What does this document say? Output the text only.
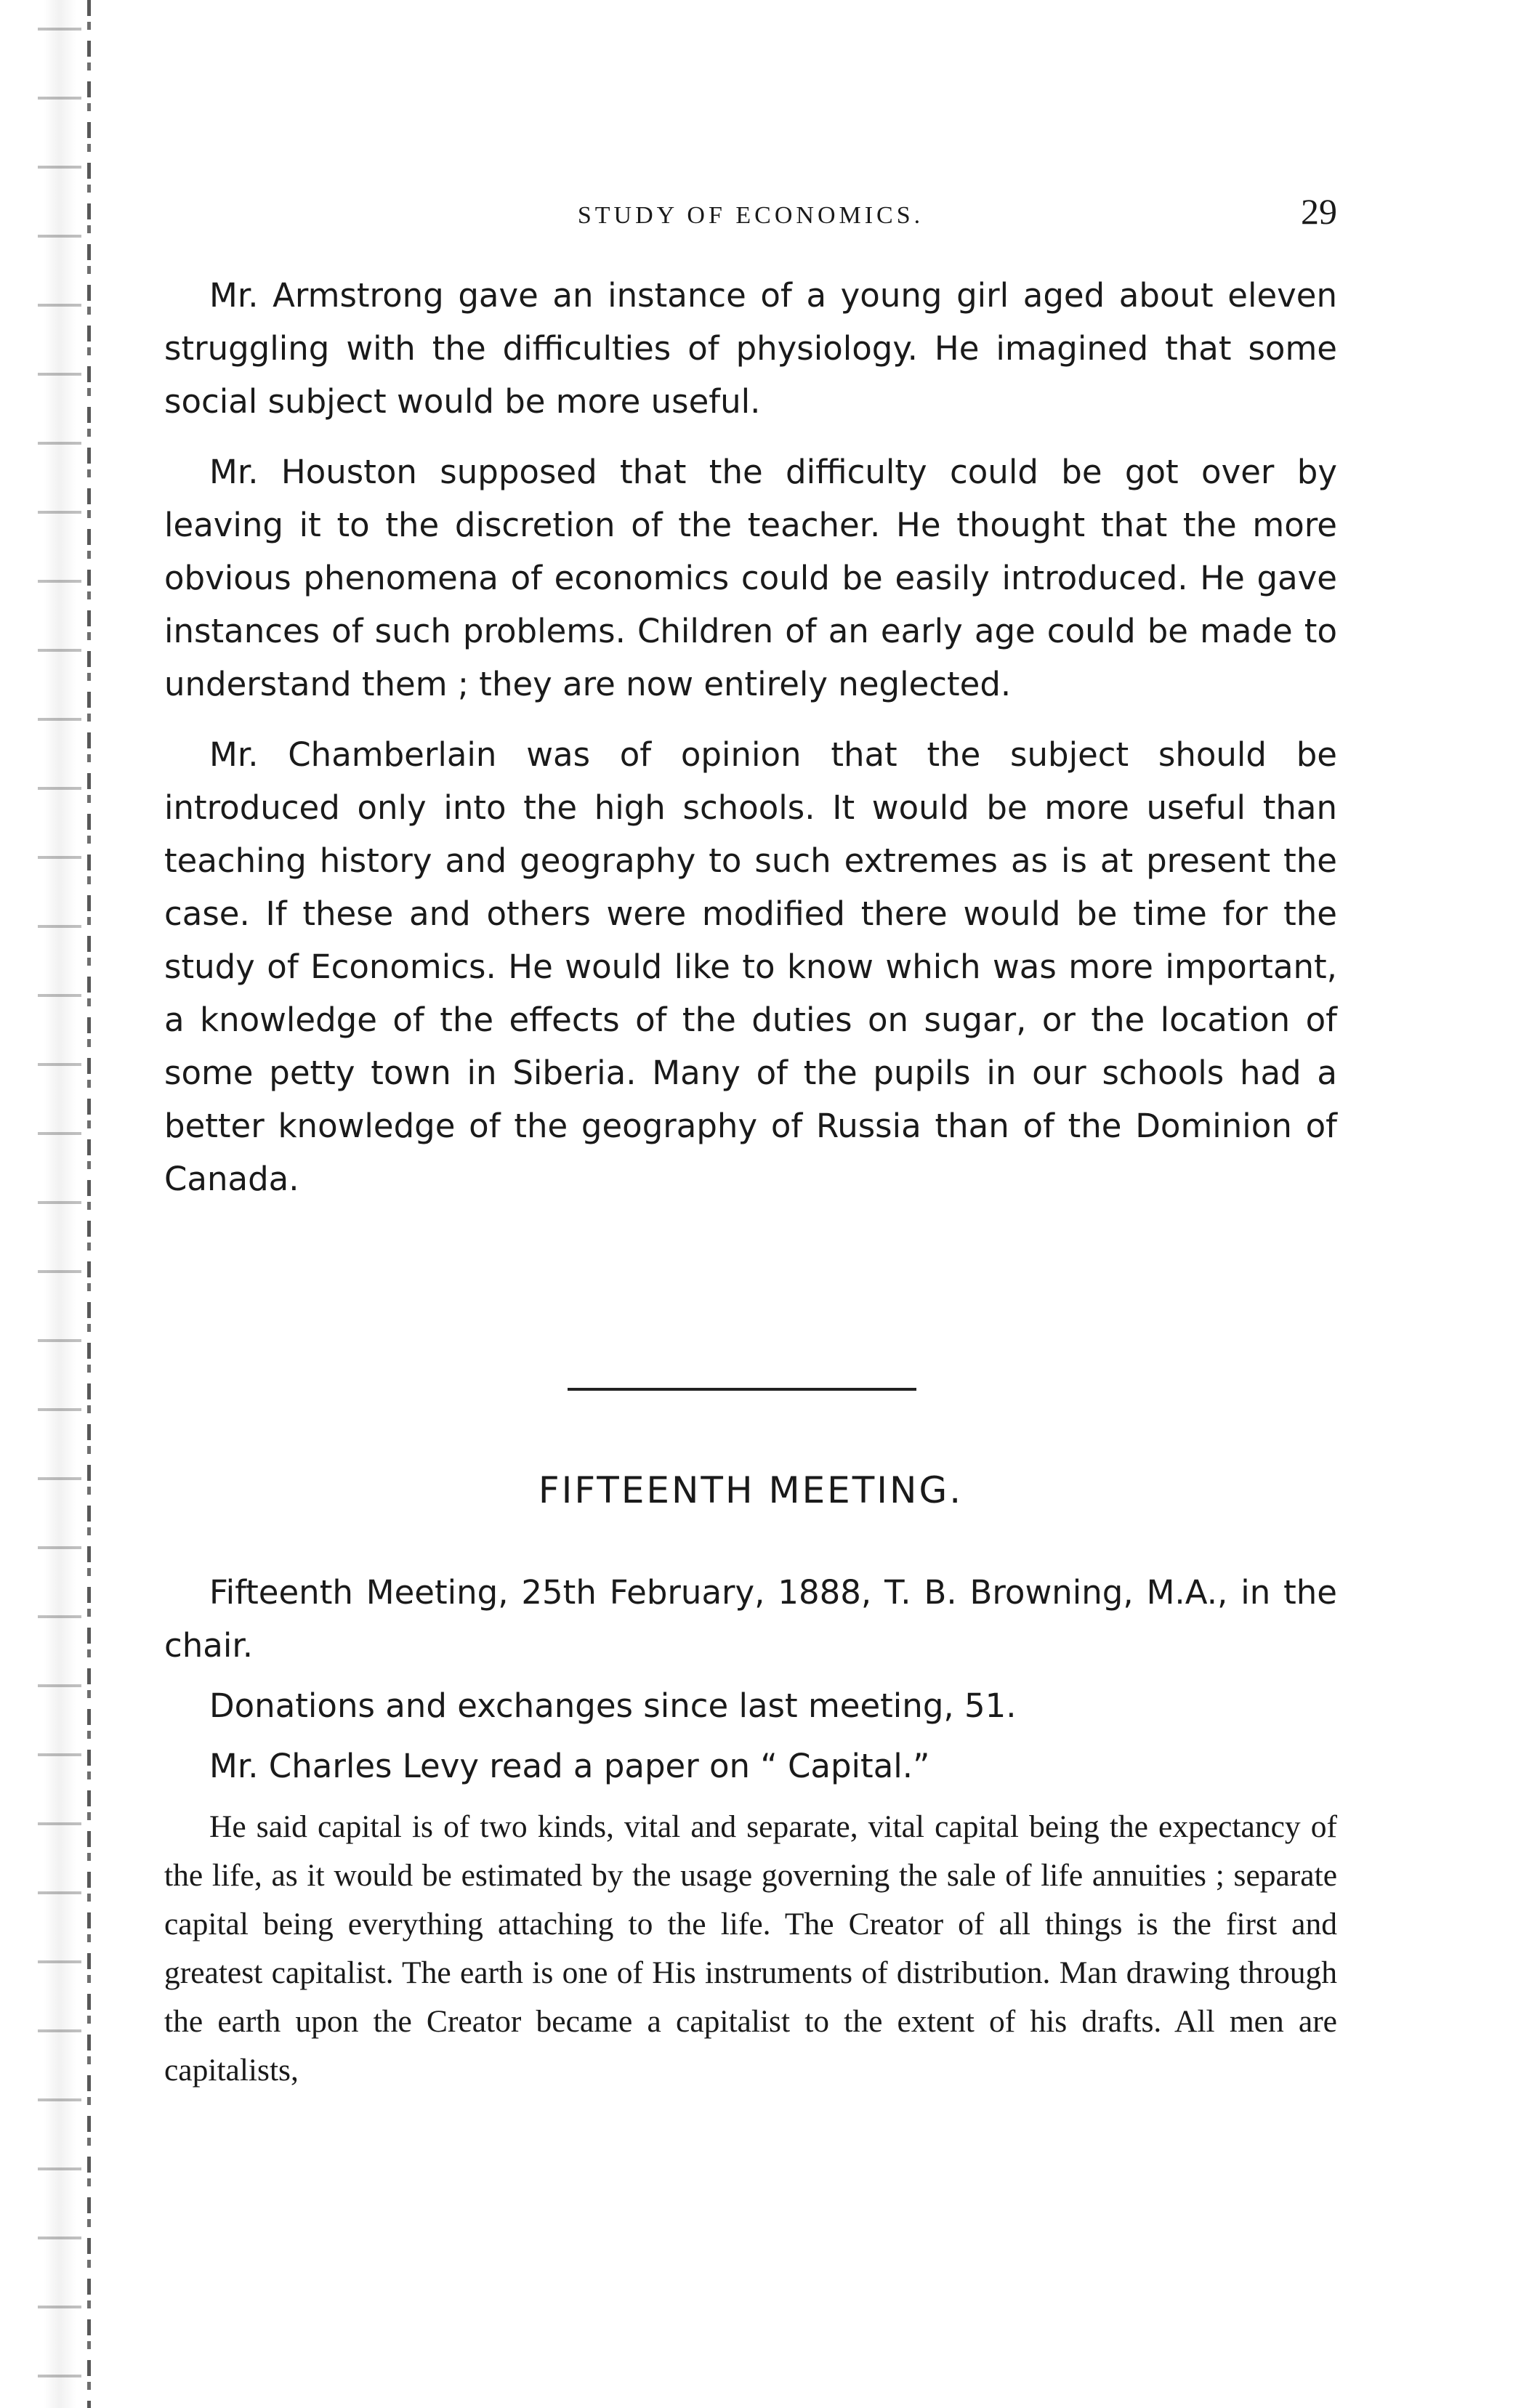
STUDY OF ECONOMICS.	29

Mr. Armstrong gave an instance of a young girl aged about eleven struggling with the difficulties of physiology. He imagined that some social subject would be more useful.

Mr. Houston supposed that the difficulty could be got over by leaving it to the discretion of the teacher. He thought that the more obvious phenomena of economics could be easily introduced. He gave instances of such problems. Children of an early age could be made to understand them ; they are now entirely neglected.

Mr. Chamberlain was of opinion that the subject should be introduced only into the high schools. It would be more useful than teaching history and geography to such extremes as is at present the case. If these and others were modified there would be time for the study of Economics. He would like to know which was more important, a knowledge of the effects of the duties on sugar, or the location of some petty town in Siberia. Many of the pupils in our schools had a better knowledge of the geography of Russia than of the Dominion of Canada.

FIFTEENTH MEETING.

Fifteenth Meeting, 25th February, 1888, T. B. Browning, M.A., in the chair.

Donations and exchanges since last meeting, 51.

Mr. Charles Levy read a paper on “ Capital.”

He said capital is of two kinds, vital and separate, vital capital being the expectancy of the life, as it would be estimated by the usage governing the sale of life annuities ; separate capital being everything attaching to the life. The Creator of all things is the first and greatest capitalist. The earth is one of His instruments of distribution. Man drawing through the earth upon the Creator became a capitalist to the extent of his drafts. All men are capitalists,
